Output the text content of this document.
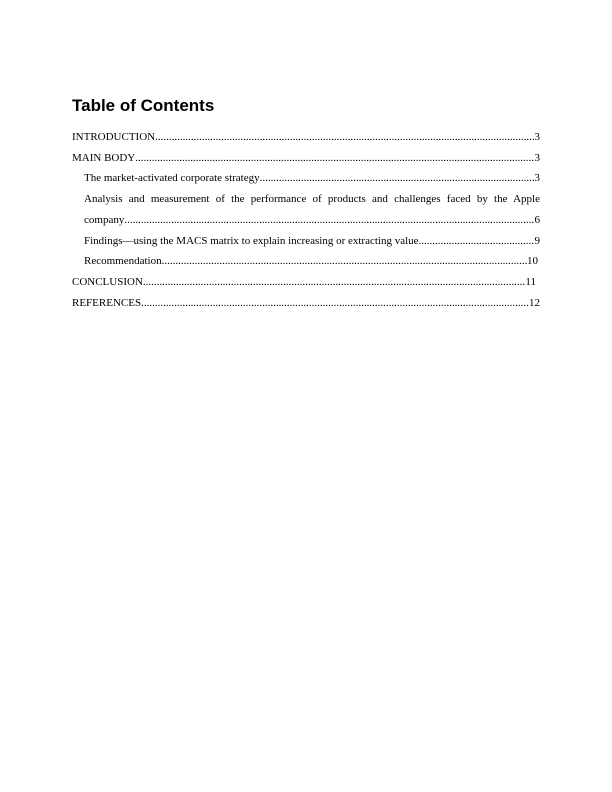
Table of Contents
INTRODUCTION .....	3
MAIN BODY .....	3
The market-activated corporate strategy .....	3
Analysis and measurement of the performance of products and challenges faced by the Apple
company .....	6
Findings—using the MACS matrix to explain increasing or extracting value .....	9
Recommendation .....	10
CONCLUSION .....	11
REFERENCES .....	12
